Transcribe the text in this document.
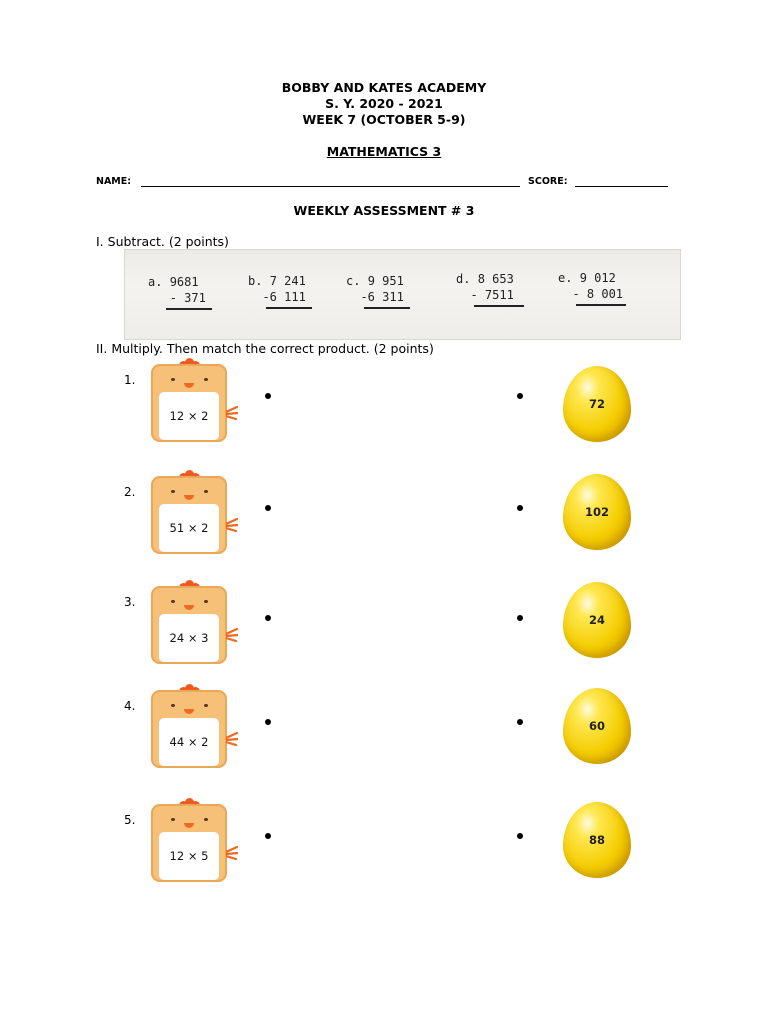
BOBBY AND KATES ACADEMY
S. Y. 2020 - 2021
WEEK 7 (OCTOBER 5-9)
MATHEMATICS 3
NAME:	SCORE:
WEEKLY ASSESSMENT # 3
I. Subtract. (2 points)
a. 9681
- 371
b. 7 241
-6 111
c. 9 951
-6 311
d. 8 653
- 7511
e. 9 012
- 8 001
II. Multiply. Then match the correct product. (2 points)
1.
12 × 2
72
2.
51 × 2
102
3.
24 × 3
24
4.
44 × 2
60
5.
12 × 5
88
